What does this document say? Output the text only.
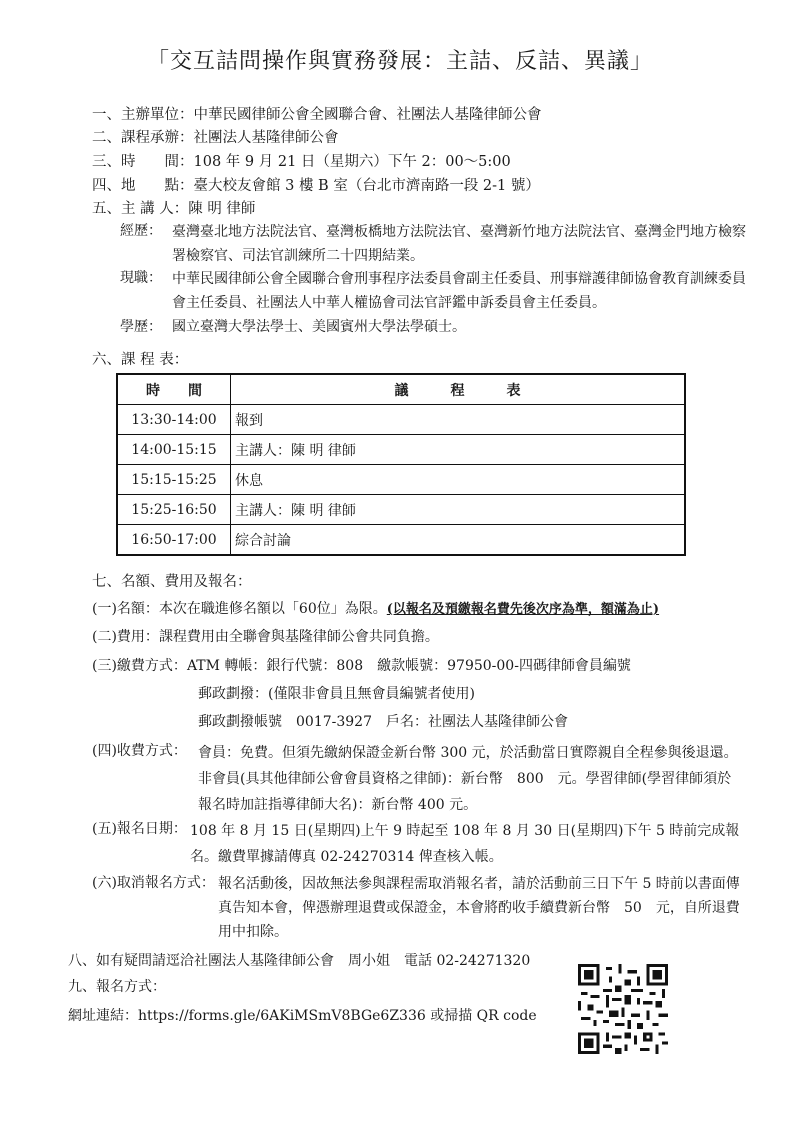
「交互詰問操作與實務發展：主詰、反詰、異議」
一、主辦單位：中華民國律師公會全國聯合會、社團法人基隆律師公會
二、課程承辦：社團法人基隆律師公會
三、時　　間：108 年 9 月 21 日（星期六）下午 2：00～5:00
四、地　　點：臺大校友會館 3 樓 B 室（台北市濟南路一段 2-1 號）
五、主 講 人：陳 明 律師
經歷： 臺灣臺北地方法院法官、臺灣板橋地方法院法官、臺灣新竹地方法院法官、臺灣金門地方檢察署檢察官、司法官訓練所二十四期結業。
現職： 中華民國律師公會全國聯合會刑事程序法委員會副主任委員、刑事辯護律師協會教育訓練委員會主任委員、社團法人中華人權協會司法官評鑑申訴委員會主任委員。
學歷： 國立臺灣大學法學士、美國賓州大學法學碩士。
六、課 程 表：
時　　間	議　　　程　　　表
13:30-14:00	報到
14:00-15:15	主講人：陳 明 律師
15:15-15:25	休息
15:25-16:50	主講人：陳 明 律師
16:50-17:00	綜合討論
七、名額、費用及報名：
(一)名額：本次在職進修名額以「60位」為限。(以報名及預繳報名費先後次序為準，額滿為止)
(二)費用：課程費用由全聯會與基隆律師公會共同負擔。
(三)繳費方式：ATM 轉帳：銀行代號：808　繳款帳號：97950-00-四碼律師會員編號
郵政劃撥：(僅限非會員且無會員編號者使用)
郵政劃撥帳號　0017-3927　戶名：社團法人基隆律師公會
(四)收費方式： 會員：免費。但須先繳納保證金新台幣 300 元，於活動當日實際親自全程參與後退還。非會員(具其他律師公會會員資格之律師)：新台幣　800　元。學習律師(學習律師須於報名時加註指導律師大名)：新台幣 400 元。
(五)報名日期： 108 年 8 月 15 日(星期四)上午 9 時起至 108 年 8 月 30 日(星期四)下午 5 時前完成報名。繳費單據請傳真 02-24270314 俾查核入帳。
(六)取消報名方式： 報名活動後，因故無法參與課程需取消報名者，請於活動前三日下午 5 時前以書面傳真告知本會，俾憑辦理退費或保證金，本會將酌收手續費新台幣　50　元，自所退費用中扣除。
八、如有疑問請逕洽社團法人基隆律師公會　周小姐　電話 02-24271320
九、報名方式：
網址連結：https://forms.gle/6AKiMSmV8BGe6Z336 或掃描 QR code
